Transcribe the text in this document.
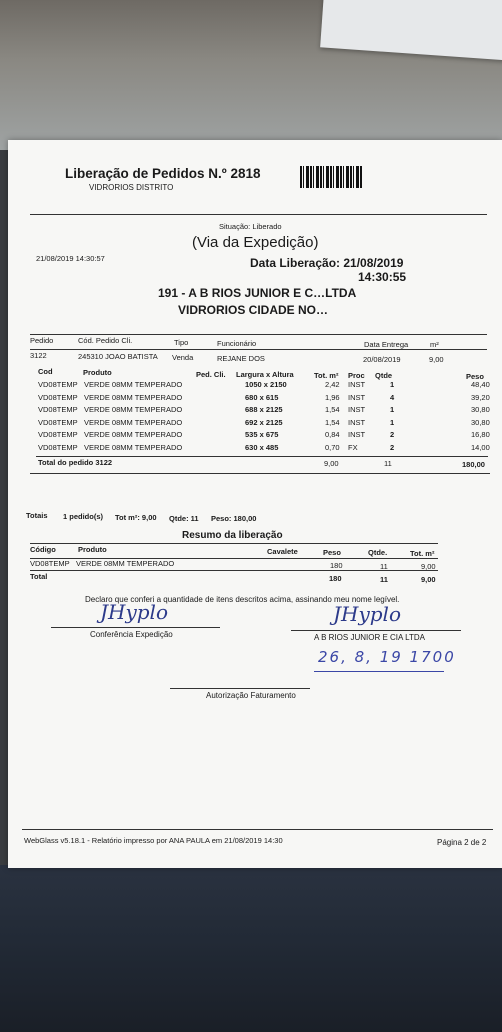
Liberação de Pedidos N.º 2818
VIDRORIOS DISTRITO
Situação: Liberado
(Via da Expedição)
21/08/2019 14:30:57	Data Liberação: 21/08/2019
14:30:55
191 - A B RIOS JUNIOR E C…LTDA
VIDRORIOS CIDADE NO…
Pedido	Cód. Pedido Cli.	Tipo	Funcionário	Data Entrega	m²
3122	245310 JOAO BATISTA Venda	REJANE DOS	20/08/2019	9,00
Cod	Produto	Ped. Cli. Largura x Altura	Tot. m² Proc Qtde	Peso
VD08TEMP VERDE 08MM TEMPERADO	1050 x 2150	2,42 INST	1	48,40
VD08TEMP VERDE 08MM TEMPERADO	680 x 615	1,96 INST	4	39,20
VD08TEMP VERDE 08MM TEMPERADO	688 x 2125	1,54 INST	1	30,80
VD08TEMP VERDE 08MM TEMPERADO	692 x 2125	1,54 INST	1	30,80
VD08TEMP VERDE 08MM TEMPERADO	535 x 675	0,84 INST	2	16,80
VD08TEMP VERDE 08MM TEMPERADO	630 x 485	0,70 FX	2	14,00
Total do pedido 3122	9,00	11	180,00
Totais 1 pedido(s) Tot m²: 9,00 Qtde: 11 Peso: 180,00
Resumo da liberação
Código	Produto	Cavalete	Peso	Qtde.	Tot. m²
VD08TEMP VERDE 08MM TEMPERADO	180	11	9,00
Total	180	11	9,00
Declaro que conferi a quantidade de itens descritos acima, assinando meu nome legível.
JHyplo	JHyplo
Conferência Expedição	A B RIOS JUNIOR E CIA LTDA
26, 8, 19 1700
Autorização Faturamento
WebGlass v5.18.1 - Relatório impresso por ANA PAULA em 21/08/2019 14:30	Página 2 de 2
